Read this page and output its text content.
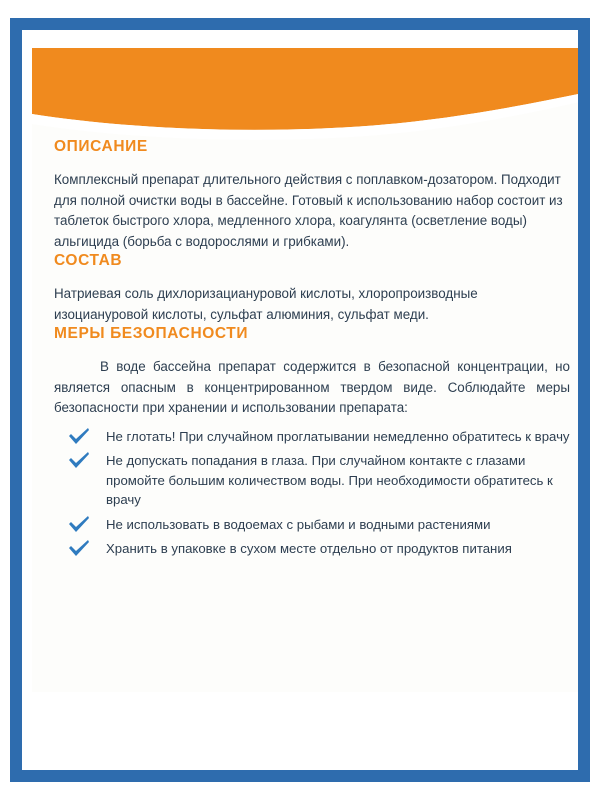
ОПИСАНИЕ

Комплексный препарат длительного действия с поплавком-дозатором. Подходит для полной очистки воды в бассейне. Готовый к использованию набор состоит из таблеток быстрого хлора, медленного хлора, коагулянта (осветление воды) альгицида (борьба с водорослями и грибками).

СОСТАВ

Натриевая соль дихлоризациануровой кислоты, хлоропроизводные изоциануровой кислоты, сульфат алюминия, сульфат меди.

МЕРЫ БЕЗОПАСНОСТИ

В воде бассейна препарат содержится в безопасной концентрации, но является опасным в концентрированном твердом виде. Соблюдайте меры безопасности при хранении и использовании препарата:

Не глотать! При случайном проглатывании немедленно обратитесь к врачу
Не допускать попадания в глаза. При случайном контакте с глазами промойте большим количеством воды. При необходимости обратитесь к врачу
Не использовать в водоемах с рыбами и водными растениями
Хранить в упаковке в сухом месте отдельно от продуктов питания
